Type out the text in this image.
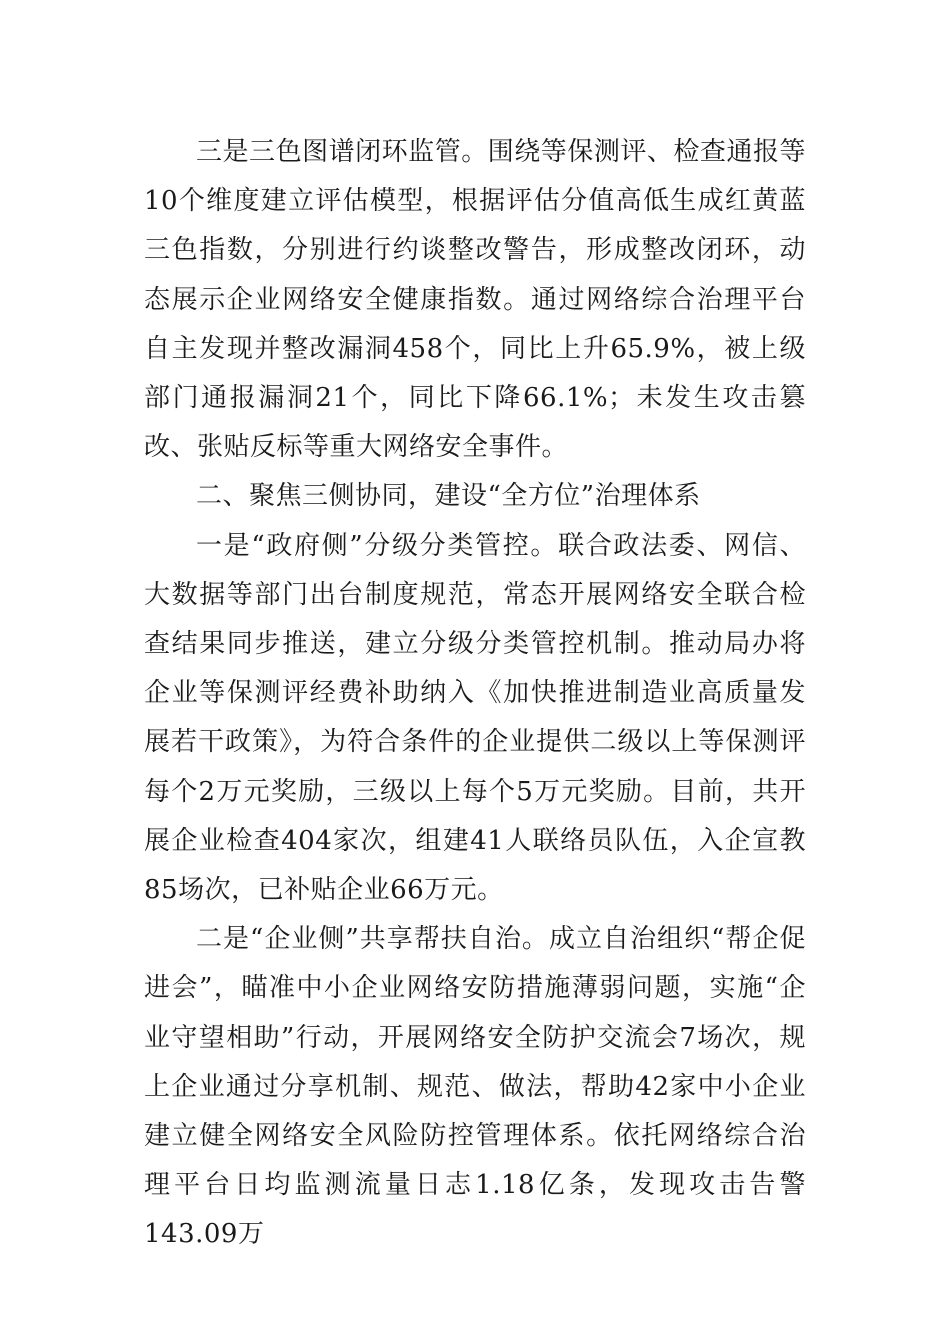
三是三色图谱闭环监管。围绕等保测评、检查通报等10个维度建立评估模型，根据评估分值高低生成红黄蓝三色指数，分别进行约谈整改警告，形成整改闭环，动态展示企业网络安全健康指数。通过网络综合治理平台自主发现并整改漏洞458个，同比上升65.9%，被上级部门通报漏洞21个，同比下降66.1%；未发生攻击篡改、张贴反标等重大网络安全事件。

二、聚焦三侧协同，建设“全方位”治理体系

一是“政府侧”分级分类管控。联合政法委、网信、大数据等部门出台制度规范，常态开展网络安全联合检查结果同步推送，建立分级分类管控机制。推动局办将企业等保测评经费补助纳入《加快推进制造业高质量发展若干政策》，为符合条件的企业提供二级以上等保测评每个2万元奖励，三级以上每个5万元奖励。目前，共开展企业检查404家次，组建41人联络员队伍，入企宣教85场次，已补贴企业66万元。

二是“企业侧”共享帮扶自治。成立自治组织“帮企促进会”，瞄准中小企业网络安防措施薄弱问题，实施“企业守望相助”行动，开展网络安全防护交流会7场次，规上企业通过分享机制、规范、做法，帮助42家中小企业建立健全网络安全风险防控管理体系。依托网络综合治理平台日均监测流量日志1.18亿条，发现攻击告警143.09万
